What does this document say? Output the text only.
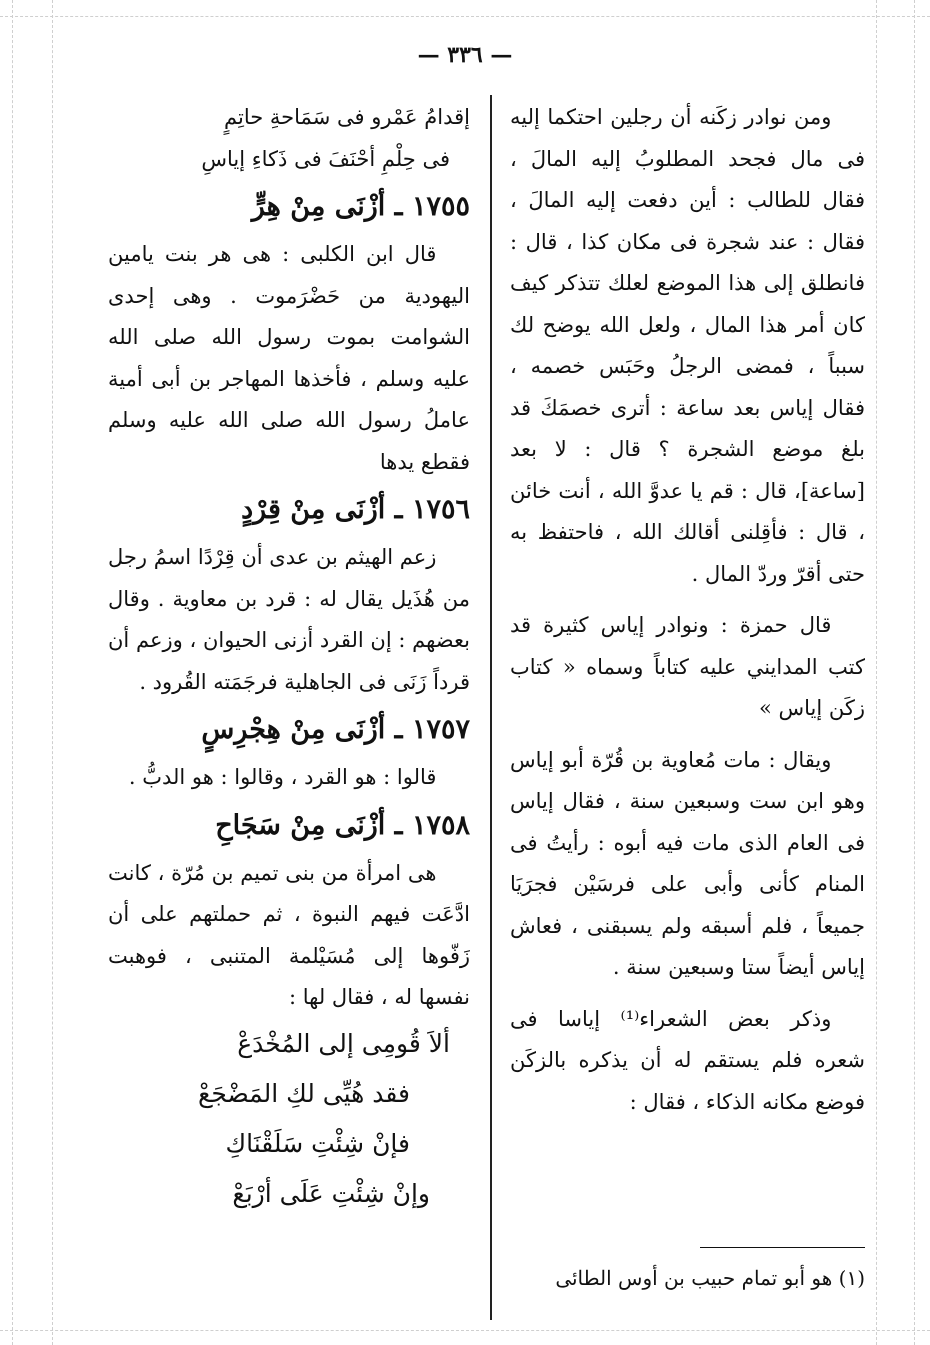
— ٣٣٦ —

ومن نوادر زكَنه أن رجلين احتكما إليه فى مال فجحد المطلوبُ إليه المالَ ، فقال للطالب : أين دفعت إليه المالَ ، فقال : عند شجرة فى مكان كذا ، قال : فانطلق إلى هذا الموضع لعلك تتذكر كيف كان أمر هذا المال ، ولعل الله يوضح لك سبباً ، فمضى الرجلُ وحَبَس خصمه ، فقال إياس بعد ساعة : أترى خصمَكَ قد بلغ موضع الشجرة ؟ قال : لا بعد [ساعة]، قال : قم يا عدوَّ الله ، أنت خائن ، قال : فأقِلنى أقالك الله ، فاحتفظ به حتى أقرّ وردّ المال .

قال حمزة : ونوادر إياس كثيرة قد كتب المدايني عليه كتاباً وسماه « كتاب زكَن إياس »

ويقال : مات مُعاوية بن قُرّة أبو إياس وهو ابن ست وسبعين سنة ، فقال إياس فى العام الذى مات فيه أبوه : رأيتُ فى المنام كأنى وأبى على فرسَيْن فجرَيَا جميعاً ، فلم أسبقه ولم يسبقنى ، فعاش إياس أيضاً ستا وسبعين سنة .

وذكر بعض الشعراء⁽¹⁾ إياسا فى شعره فلم يستقم له أن يذكره بالزكَن فوضع مكانه الذكاء ، فقال :

(١) هو أبو تمام حبيب بن أوس الطائى

إقدامُ عَمْرو فى سَمَاحةِ حاتِمٍ

فى حِلْمِ أحْنَفَ فى ذَكاءِ إياسِ

١٧٥٥ ـ أزْنَى مِنْ هِرٍّ

قال ابن الكلبى : هى هر بنت يامين اليهودية من حَضْرَموت . وهى إحدى الشوامت بموت رسول الله صلى الله عليه وسلم ، فأخذها المهاجر بن أبى أمية عاملُ رسول الله صلى الله عليه وسلم فقطع يدها

١٧٥٦ ـ أزْنَى مِنْ قِرْدٍ

زعم الهيثم بن عدى أن قِرْدًا اسمُ رجل من هُذَيل يقال له : قرد بن معاوية . وقال بعضهم : إن القرد أزنى الحيوان ، وزعم أن قرداً زَنَى فى الجاهلية فرجَمَته القُرود .

١٧٥٧ ـ أزْنَى مِنْ هِجْرِسٍ

قالوا : هو القرد ، وقالوا : هو الدبُّ .

١٧٥٨ ـ أزْنَى مِنْ سَجَاحِ

هى امرأة من بنى تميم بن مُرّة ، كانت ادَّعَت فيهم النبوة ، ثم حملتهم على أن زَفّوها إلى مُسَيْلمة المتنبى ، فوهبت نفسها له ، فقال لها :

ألاَ قُومِى إلى المُخْدَعْ

فقد هُيِّى لكِ المَضْجَعْ

فإنْ شِئْتِ سَلَقْنَاكِ

وإنْ شِئْتِ عَلَى أرْبَعْ
